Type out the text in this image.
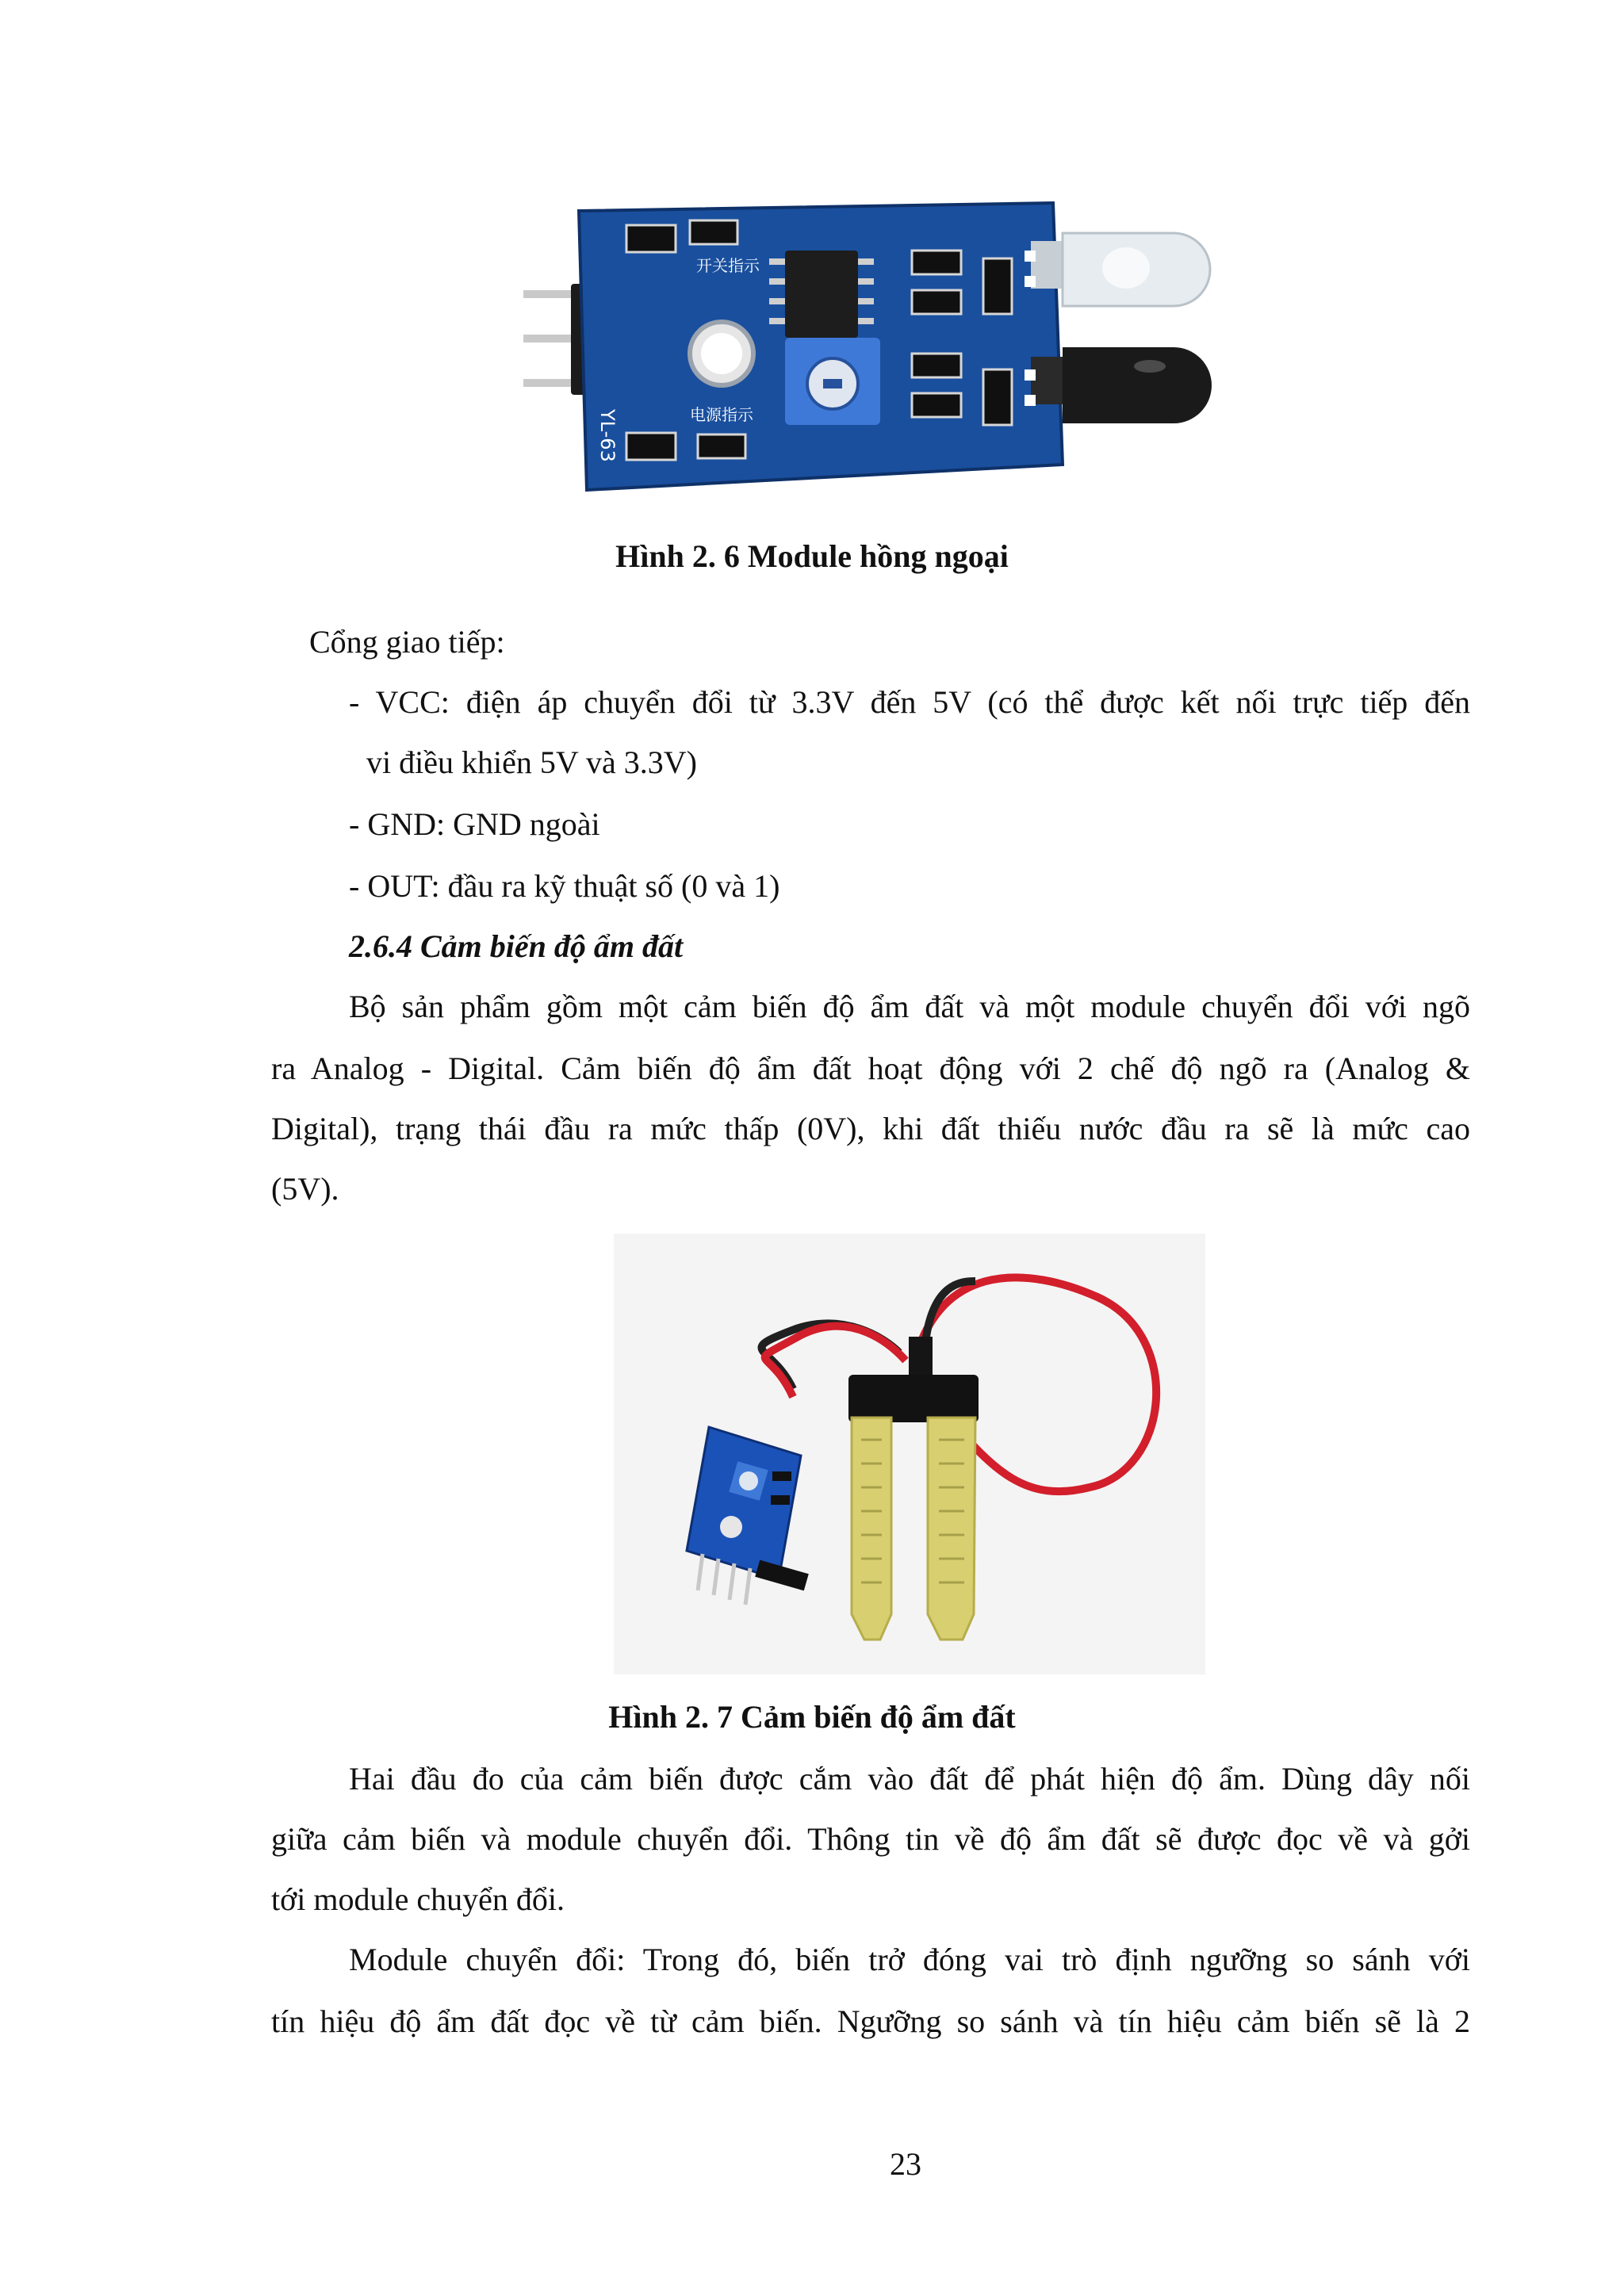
开关指示
电源指示
YL-63
Hình 2. 6 Module hồng ngoại
Cổng giao tiếp:
- VCC: điện áp chuyển đổi từ 3.3V đến 5V (có thể được kết nối trực tiếp đến
vi điều khiển 5V và 3.3V)
- GND: GND ngoài
- OUT: đầu ra kỹ thuật số (0 và 1)
2.6.4 Cảm biến độ ẩm đất
Bộ sản phẩm gồm một cảm biến độ ẩm đất và một module chuyển đổi với ngõ
ra Analog - Digital. Cảm biến độ ẩm đất hoạt động với 2 chế độ ngõ ra (Analog &
Digital), trạng thái đầu ra mức thấp (0V), khi đất thiếu nước đầu ra sẽ là mức cao
(5V).
Hình 2. 7 Cảm biến độ ẩm đất
Hai đầu đo của cảm biến được cắm vào đất để phát hiện độ ẩm. Dùng dây nối
giữa cảm biến và module chuyển đổi. Thông tin về độ ẩm đất sẽ được đọc về và gởi
tới module chuyển đổi.
Module chuyển đổi: Trong đó, biến trở đóng vai trò định ngưỡng so sánh với
tín hiệu độ ẩm đất đọc về từ cảm biến. Ngưỡng so sánh và tín hiệu cảm biến sẽ là 2
23
